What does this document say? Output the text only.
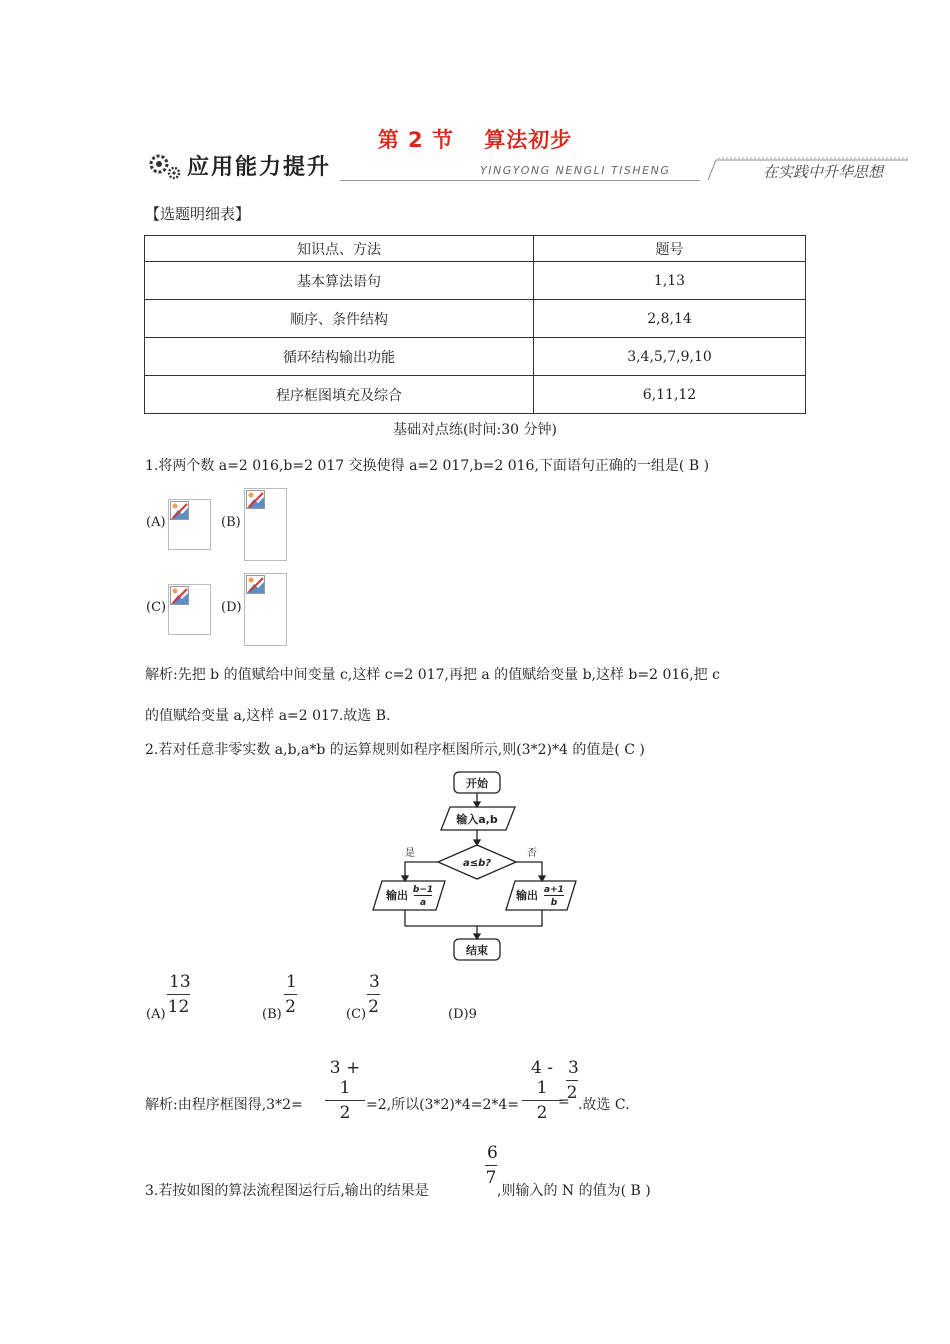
第 2 节　 算法初步
应用能力提升	YINGYONG NENGLI TISHENG	在实践中升华思想
【选题明细表】
知识点、方法	题号
基本算法语句	1,13
顺序、条件结构	2,8,14
循环结构输出功能	3,4,5,7,9,10
程序框图填充及综合	6,11,12
基础对点练(时间:30 分钟)
1.将两个数 a=2 016,b=2 017 交换使得 a=2 017,b=2 016,下面语句正确的一组是( B )
(A)	(B)
(C)	(D)
解析:先把 b 的值赋给中间变量 c,这样 c=2 017,再把 a 的值赋给变量 b,这样 b=2 016,把 c
的值赋给变量 a,这样 a=2 017.故选 B.
2.若对任意非零实数 a,b,a*b 的运算规则如程序框图所示,则(3*2)*4 的值是( C )
开始
输入a,b
a≤b?
是	否
输出 b−1
a
输出 a+1
b
结束
(A)
13
12	(B)
1
2	(C)
3
2	(D)9
解析:由程序框图得,3*2=
3 + 1
2	=2,所以(3*2)*4=2*4=
4 - 1
2
=
3
2
.故选 C.
3.若按如图的算法流程图运行后,输出的结果是
6
7
,则输入的 N 的值为( B )
